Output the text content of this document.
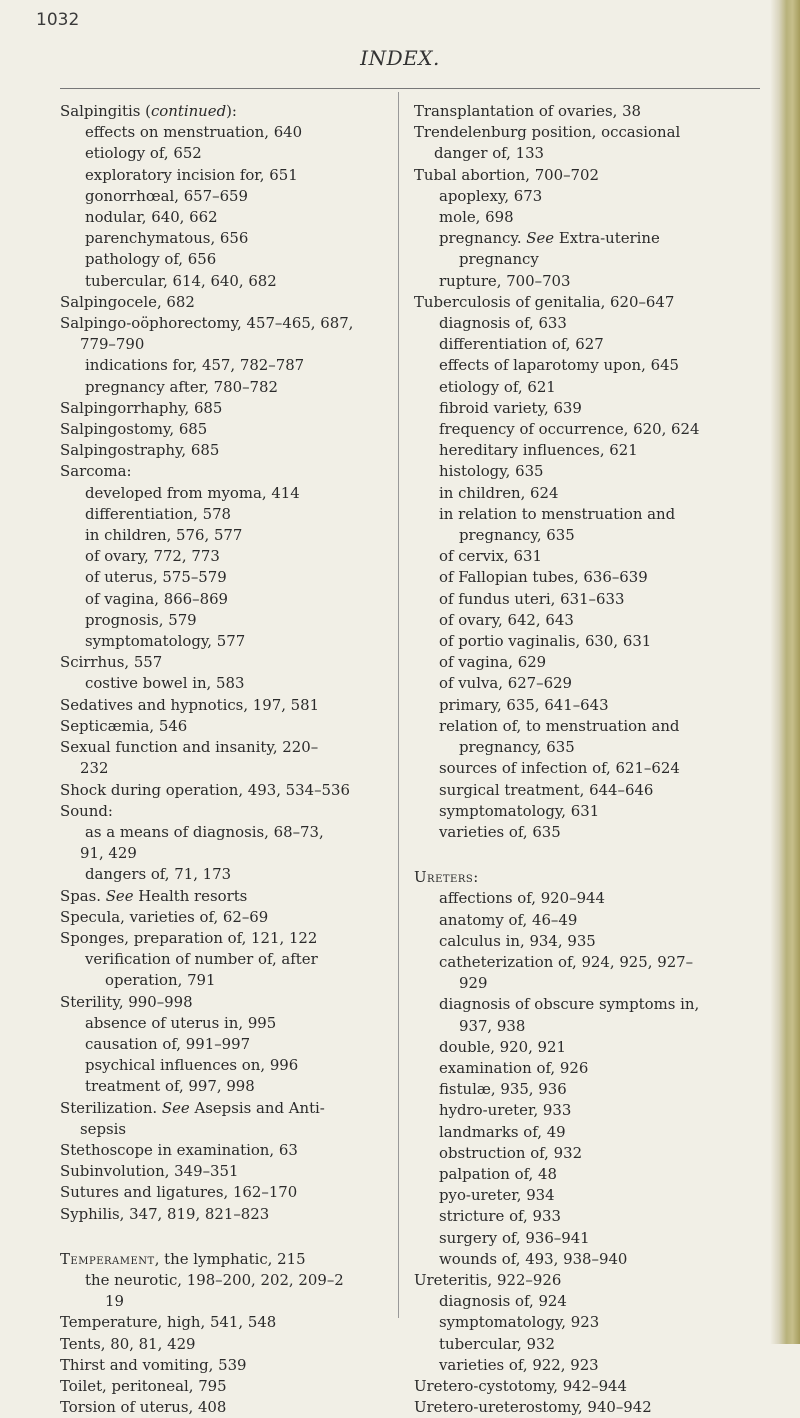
1032
INDEX.
Salpingitis (continued):
effects on menstruation, 640
etiology of, 652
exploratory incision for, 651
gonorrhœal, 657–659
nodular, 640, 662
parenchymatous, 656
pathology of, 656
tubercular, 614, 640, 682
Salpingocele, 682
Salpingo-oöphorectomy, 457–465, 687,
779–790
indications for, 457, 782–787
pregnancy after, 780–782
Salpingorrhaphy, 685
Salpingostomy, 685
Salpingostraphy, 685
Sarcoma:
developed from myoma, 414
differentiation, 578
in children, 576, 577
of ovary, 772, 773
of uterus, 575–579
of vagina, 866–869
prognosis, 579
symptomatology, 577
Scirrhus, 557
costive bowel in, 583
Sedatives and hypnotics, 197, 581
Septicæmia, 546
Sexual function and insanity, 220–
232
Shock during operation, 493, 534–536
Sound:
as a means of diagnosis, 68–73,
91, 429
dangers of, 71, 173
Spas. See Health resorts
Specula, varieties of, 62–69
Sponges, preparation of, 121, 122
verification of number of, after
operation, 791
Sterility, 990–998
absence of uterus in, 995
causation of, 991–997
psychical influences on, 996
treatment of, 997, 998
Sterilization. See Asepsis and Anti-
sepsis
Stethoscope in examination, 63
Subinvolution, 349–351
Sutures and ligatures, 162–170
Syphilis, 347, 819, 821–823
Temperament, the lymphatic, 215
the neurotic, 198–200, 202, 209–2
19
Temperature, high, 541, 548
Tents, 80, 81, 429
Thirst and vomiting, 539
Toilet, peritoneal, 795
Torsion of uterus, 408
Transplantation of ovaries, 38
Trendelenburg position, occasional
danger of, 133
Tubal abortion, 700–702
apoplexy, 673
mole, 698
pregnancy. See Extra-uterine
pregnancy
rupture, 700–703
Tuberculosis of genitalia, 620–647
diagnosis of, 633
differentiation of, 627
effects of laparotomy upon, 645
etiology of, 621
fibroid variety, 639
frequency of occurrence, 620, 624
hereditary influences, 621
histology, 635
in children, 624
in relation to menstruation and
pregnancy, 635
of cervix, 631
of Fallopian tubes, 636–639
of fundus uteri, 631–633
of ovary, 642, 643
of portio vaginalis, 630, 631
of vagina, 629
of vulva, 627–629
primary, 635, 641–643
relation of, to menstruation and
pregnancy, 635
sources of infection of, 621–624
surgical treatment, 644–646
symptomatology, 631
varieties of, 635
Ureters:
affections of, 920–944
anatomy of, 46–49
calculus in, 934, 935
catheterization of, 924, 925, 927–
929
diagnosis of obscure symptoms in,
937, 938
double, 920, 921
examination of, 926
fistulæ, 935, 936
hydro-ureter, 933
landmarks of, 49
obstruction of, 932
palpation of, 48
pyo-ureter, 934
stricture of, 933
surgery of, 936–941
wounds of, 493, 938–940
Ureteritis, 922–926
diagnosis of, 924
symptomatology, 923
tubercular, 932
varieties of, 922, 923
Uretero-cystotomy, 942–944
Uretero-ureterostomy, 940–942
